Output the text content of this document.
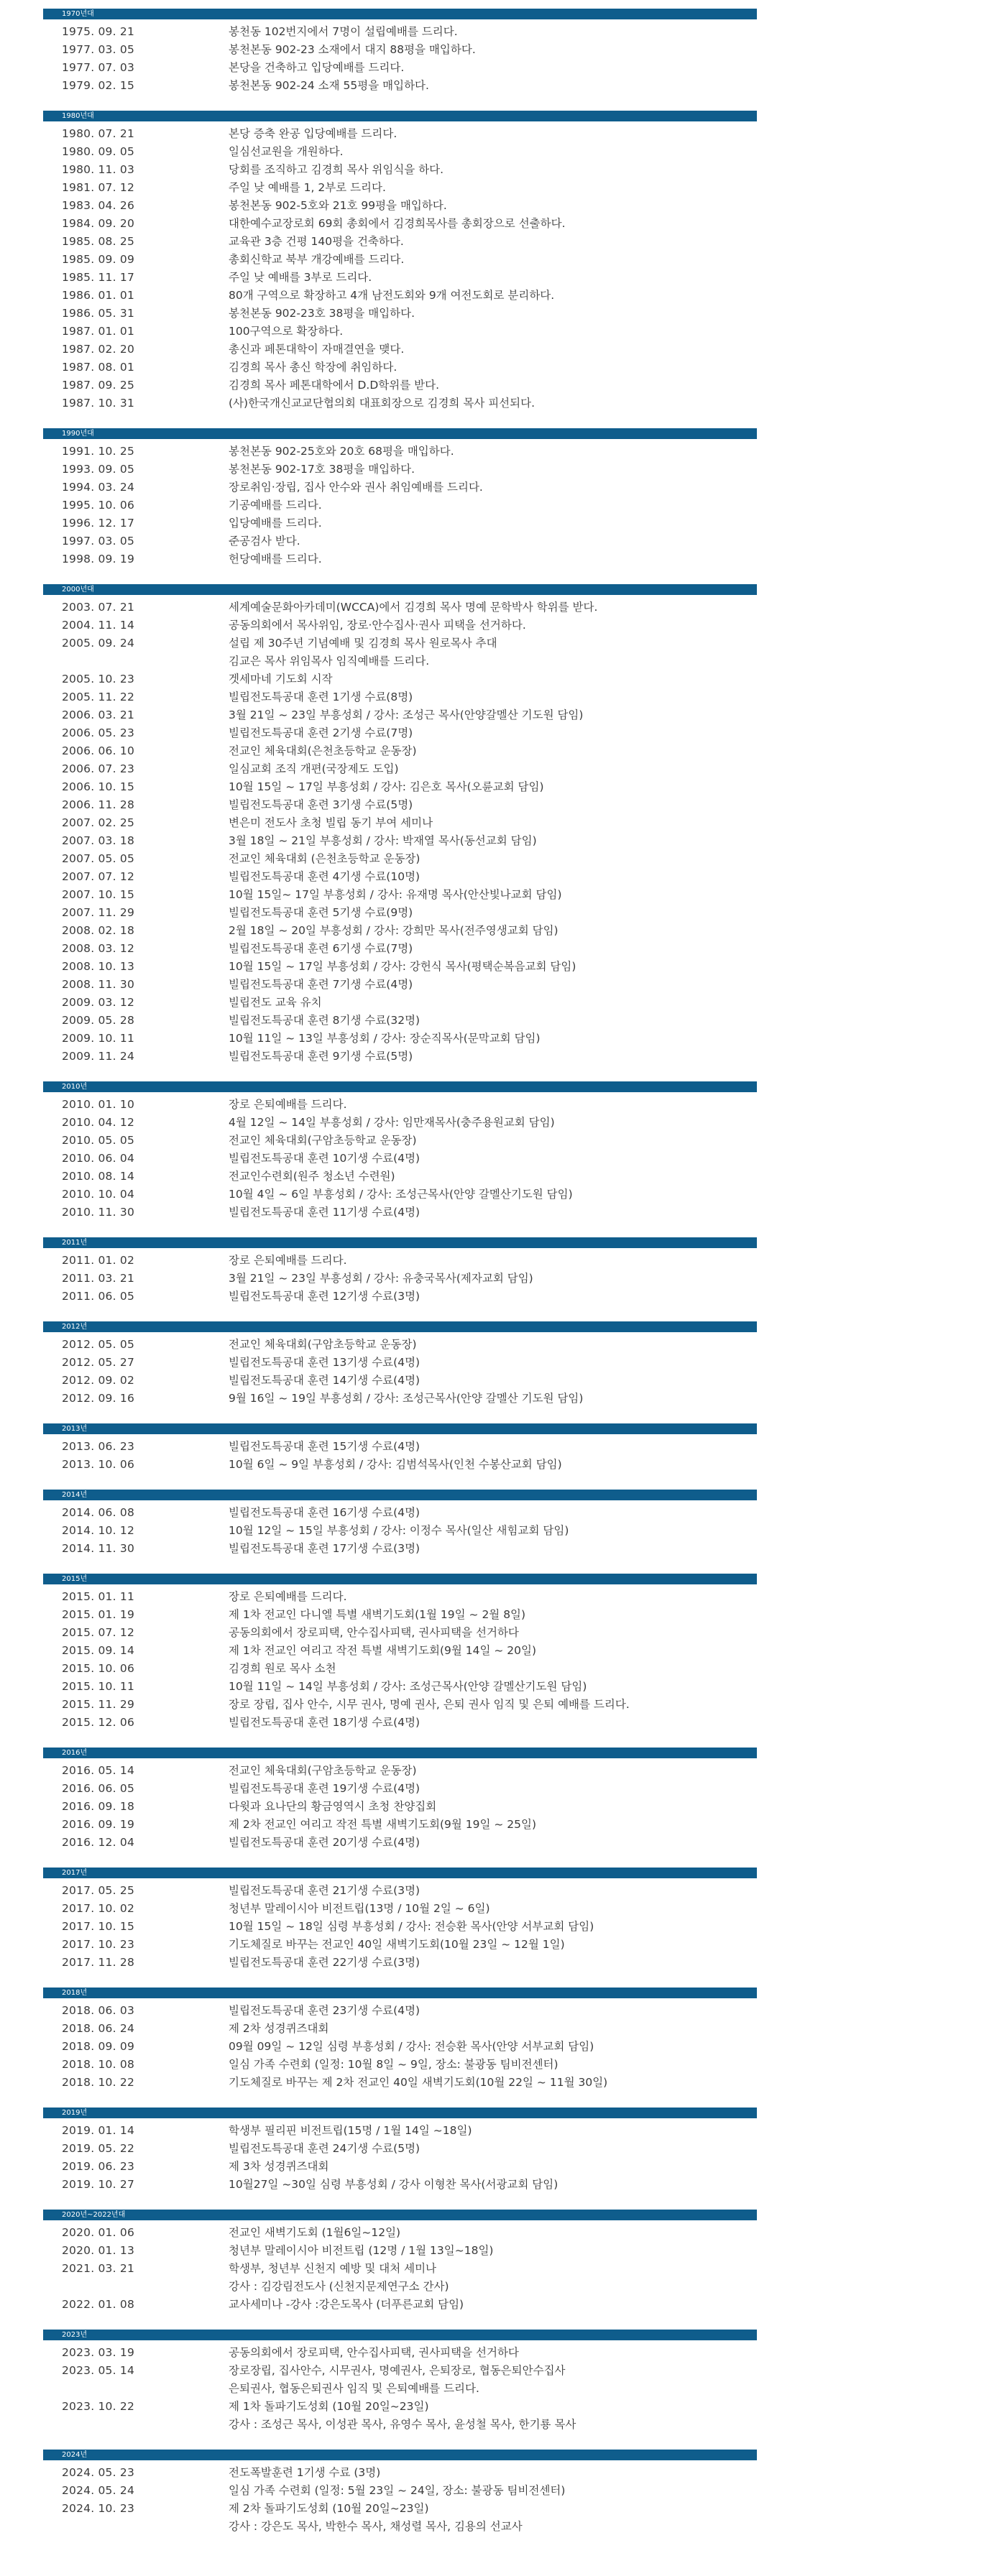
1970년대
1975. 09. 21	봉천동 102번지에서 7명이 설립예배를 드리다.
1977. 03. 05	봉천본동 902-23 소재에서 대지 88평을 매입하다.
1977. 07. 03	본당을 건축하고 입당예배를 드리다.
1979. 02. 15	봉천본동 902-24 소재 55평을 매입하다.
1980년대
1980. 07. 21	본당 증축 완공 입당예배를 드리다.
1980. 09. 05	일심선교원을 개원하다.
1980. 11. 03	당회를 조직하고 김경희 목사 위임식을 하다.
1981. 07. 12	주일 낮 예배를 1, 2부로 드리다.
1983. 04. 26	봉천본동 902-5호와 21호 99평을 매입하다.
1984. 09. 20	대한예수교장로회 69회 총회에서 김경희목사를 총회장으로 선출하다.
1985. 08. 25	교육관 3층 건평 140평을 건축하다.
1985. 09. 09	총회신학교 북부 개강예배를 드리다.
1985. 11. 17	주일 낮 예배를 3부로 드리다.
1986. 01. 01	80개 구역으로 확장하고 4개 남전도회와 9개 여전도회로 분리하다.
1986. 05. 31	봉천본동 902-23호 38평을 매입하다.
1987. 01. 01	100구역으로 확장하다.
1987. 02. 20	총신과 페톤대학이 자매결연을 맺다.
1987. 08. 01	김경희 목사 총신 학장에 취임하다.
1987. 09. 25	김경희 목사 페톤대학에서 D.D학위를 받다.
1987. 10. 31	(사)한국개신교교단협의회 대표회장으로 김경희 목사 피선되다.
1990년대
1991. 10. 25	봉천본동 902-25호와 20호 68평을 매입하다.
1993. 09. 05	봉천본동 902-17호 38평을 매입하다.
1994. 03. 24	장로취임·장립, 집사 안수와 권사 취임예배를 드리다.
1995. 10. 06	기공예배를 드리다.
1996. 12. 17	입당예배를 드리다.
1997. 03. 05	준공검사 받다.
1998. 09. 19	헌당예배를 드리다.
2000년대
2003. 07. 21	세계예술문화아카데미(WCCA)에서 김경희 목사 명예 문학박사 학위를 받다.
2004. 11. 14	공동의회에서 목사위임, 장로·안수집사·권사 피택을 선거하다.
2005. 09. 24	설립 제 30주년 기념예배 및 김경희 목사 원로목사 추대
김교은 목사 위임목사 임직예배를 드리다.
2005. 10. 23	겟세마네 기도회 시작
2005. 11. 22	빌립전도특공대 훈련 1기생 수료(8명)
2006. 03. 21	3월 21일 ~ 23일 부흥성회 / 강사: 조성근 목사(안양갈멜산 기도원 담임)
2006. 05. 23	빌립전도특공대 훈련 2기생 수료(7명)
2006. 06. 10	전교인 체육대회(은천초등학교 운동장)
2006. 07. 23	일심교회 조직 개편(국장제도 도입)
2006. 10. 15	10월 15일 ~ 17일 부흥성회 / 강사: 김은호 목사(오륜교회 담임)
2006. 11. 28	빌립전도특공대 훈련 3기생 수료(5명)
2007. 02. 25	변은미 전도사 초청 빌립 동기 부여 세미나
2007. 03. 18	3월 18일 ~ 21일 부흥성회 / 강사: 박재열 목사(동선교회 담임)
2007. 05. 05	전교인 체육대회 (은천초등학교 운동장)
2007. 07. 12	빌립전도특공대 훈련 4기생 수료(10명)
2007. 10. 15	10월 15일~ 17일 부흥성회 / 강사: 유재명 목사(안산빛나교회 담임)
2007. 11. 29	빌립전도특공대 훈련 5기생 수료(9명)
2008. 02. 18	2월 18일 ~ 20일 부흥성회 / 강사: 강희만 목사(전주영생교회 담임)
2008. 03. 12	빌립전도특공대 훈련 6기생 수료(7명)
2008. 10. 13	10월 15일 ~ 17일 부흥성회 / 강사: 강헌식 목사(평택순복음교회 담임)
2008. 11. 30	빌립전도특공대 훈련 7기생 수료(4명)
2009. 03. 12	빌립전도 교육 유치
2009. 05. 28	빌립전도특공대 훈련 8기생 수료(32명)
2009. 10. 11	10월 11일 ~ 13일 부흥성회 / 강사: 장순직목사(문막교회 담임)
2009. 11. 24	빌립전도특공대 훈련 9기생 수료(5명)
2010년
2010. 01. 10	장로 은퇴예배를 드리다.
2010. 04. 12	4월 12일 ~ 14일 부흥성회 / 강사: 임만재목사(충주용원교회 담임)
2010. 05. 05	전교인 체육대회(구암초등학교 운동장)
2010. 06. 04	빌립전도특공대 훈련 10기생 수료(4명)
2010. 08. 14	전교인수련회(원주 청소년 수련원)
2010. 10. 04	10월 4일 ~ 6일 부흥성회 / 강사: 조성근목사(안양 갈멜산기도원 담임)
2010. 11. 30	빌립전도특공대 훈련 11기생 수료(4명)
2011년
2011. 01. 02	장로 은퇴예배를 드리다.
2011. 03. 21	3월 21일 ~ 23일 부흥성회 / 강사: 유충국목사(제자교회 담임)
2011. 06. 05	빌립전도특공대 훈련 12기생 수료(3명)
2012년
2012. 05. 05	전교인 체육대회(구암초등학교 운동장)
2012. 05. 27	빌립전도특공대 훈련 13기생 수료(4명)
2012. 09. 02	빌립전도특공대 훈련 14기생 수료(4명)
2012. 09. 16	9월 16일 ~ 19일 부흥성회 / 강사: 조성근목사(안양 갈멜산 기도원 담임)
2013년
2013. 06. 23	빌립전도특공대 훈련 15기생 수료(4명)
2013. 10. 06	10월 6일 ~ 9일 부흥성회 / 강사: 김범석목사(인천 수봉산교회 담임)
2014년
2014. 06. 08	빌립전도특공대 훈련 16기생 수료(4명)
2014. 10. 12	10월 12일 ~ 15일 부흥성회 / 강사: 이정수 목사(일산 새힘교회 담임)
2014. 11. 30	빌립전도특공대 훈련 17기생 수료(3명)
2015년
2015. 01. 11	장로 은퇴예배를 드리다.
2015. 01. 19	제 1차 전교인 다니엘 특별 새벽기도회(1월 19일 ~ 2월 8일)
2015. 07. 12	공동의회에서 장로피택, 안수집사피택, 권사피택을 선거하다
2015. 09. 14	제 1차 전교인 여리고 작전 특별 새벽기도회(9월 14일 ~ 20일)
2015. 10. 06	김경희 원로 목사 소천
2015. 10. 11	10월 11일 ~ 14일 부흥성회 / 강사: 조성근목사(안양 갈멜산기도원 담임)
2015. 11. 29	장로 장립, 집사 안수, 시무 권사, 명예 권사, 은퇴 권사 임직 및 은퇴 예배를 드리다.
2015. 12. 06	빌립전도특공대 훈련 18기생 수료(4명)
2016년
2016. 05. 14	전교인 체육대회(구암초등학교 운동장)
2016. 06. 05	빌립전도특공대 훈련 19기생 수료(4명)
2016. 09. 18	다윗과 요나단의 황금영역시 초청 찬양집회
2016. 09. 19	제 2차 전교인 여리고 작전 특별 새벽기도회(9월 19일 ~ 25일)
2016. 12. 04	빌립전도특공대 훈련 20기생 수료(4명)
2017년
2017. 05. 25	빌립전도특공대 훈련 21기생 수료(3명)
2017. 10. 02	청년부 말레이시아 비전트립(13명 / 10월 2일 ~ 6일)
2017. 10. 15	10월 15일 ~ 18일 심령 부흥성회 / 강사: 전승환 목사(안양 서부교회 담임)
2017. 10. 23	기도체질로 바꾸는 전교인 40일 새벽기도회(10월 23일 ~ 12월 1일)
2017. 11. 28	빌립전도특공대 훈련 22기생 수료(3명)
2018년
2018. 06. 03	빌립전도특공대 훈련 23기생 수료(4명)
2018. 06. 24	제 2차 성경퀴즈대회
2018. 09. 09	09월 09일 ~ 12일 심령 부흥성회 / 강사: 전승환 목사(안양 서부교회 담임)
2018. 10. 08	일심 가족 수련회 (일정: 10월 8일 ~ 9일, 장소: 불광동 팀비전센터)
2018. 10. 22	기도체질로 바꾸는 제 2차 전교인 40일 새벽기도회(10월 22일 ~ 11월 30일)
2019년
2019. 01. 14	학생부 필리핀 비전트립(15명 / 1월 14일 ~18일)
2019. 05. 22	빌립전도특공대 훈련 24기생 수료(5명)
2019. 06. 23	제 3차 성경퀴즈대회
2019. 10. 27	10월27일 ~30일 심령 부흥성회 / 강사 이형찬 목사(서광교회 담임)
2020년~2022년대
2020. 01. 06	전교인 새벽기도회 (1월6일~12일)
2020. 01. 13	청년부 말레이시아 비전트립 (12명 / 1월 13일~18일)
2021. 03. 21	학생부, 청년부 신천지 예방 및 대처 세미나
강사 : 김강림전도사 (신천지문제연구소 간사)
2022. 01. 08	교사세미나 -강사 :강은도목사 (더푸른교회 담임)
2023년
2023. 03. 19	공동의회에서 장로피택, 안수집사피택, 권사피택을 선거하다
2023. 05. 14	장로장립, 집사안수, 시무권사, 명예권사, 은퇴장로, 협동은퇴안수집사
은퇴권사, 협동은퇴권사 임직 및 은퇴예배를 드리다.
2023. 10. 22	제 1차 돌파기도성회 (10월 20일~23일)
강사 : 조성근 목사, 이성관 목사, 유영수 목사, 윤성철 목사, 한기룡 목사
2024년
2024. 05. 23	전도폭발훈련 1기생 수료 (3명)
2024. 05. 24	일심 가족 수련회 (일정: 5월 23일 ~ 24일, 장소: 불광동 팀비전센터)
2024. 10. 23	제 2차 돌파기도성회 (10월 20일~23일)
강사 : 강은도 목사, 박한수 목사, 채성렬 목사, 김용의 선교사
